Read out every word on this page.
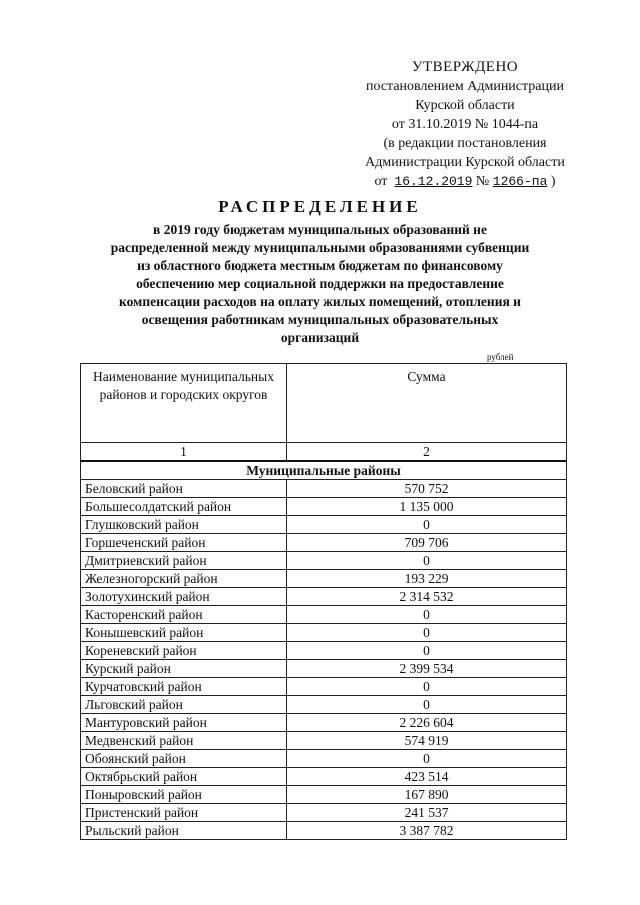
УТВЕРЖДЕНО
постановлением Администрации
Курской области
от 31.10.2019 № 1044-па
(в редакции постановления
Администрации Курской области
от 16.12.2019 № 1266-па )
РАСПРЕДЕЛЕНИЕ
в 2019 году бюджетам муниципальных образований не
распределенной между муниципальными образованиями субвенции
из областного бюджета местным бюджетам по финансовому
обеспечению мер социальной поддержки на предоставление
компенсации расходов на оплату жилых помещений, отопления и
освещения работникам муниципальных образовательных
организаций
рублей
Наименование муниципальных районов и городских округов	Сумма
1	2
Муниципальные районы	
Беловский район	570 752
Большесолдатский район	1 135 000
Глушковский район	0
Горшеченский район	709 706
Дмитриевский район	0
Железногорский район	193 229
Золотухинский район	2 314 532
Касторенский район	0
Конышевский район	0
Кореневский район	0
Курский район	2 399 534
Курчатовский район	0
Льговский район	0
Мантуровский район	2 226 604
Медвенский район	574 919
Обоянский район	0
Октябрьский район	423 514
Поныровский район	167 890
Пристенский район	241 537
Рыльский район	3 387 782
